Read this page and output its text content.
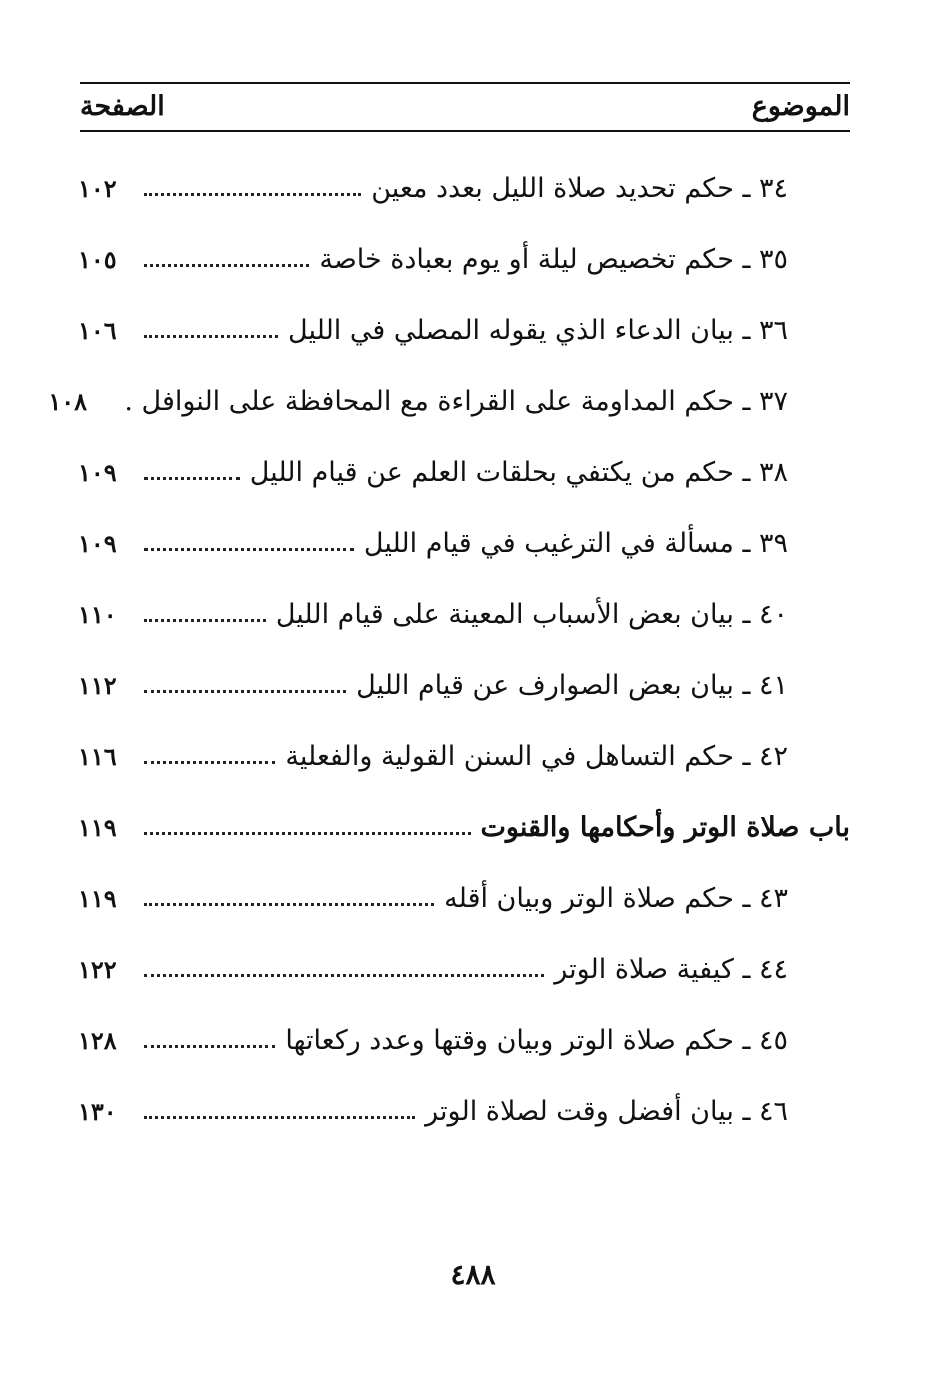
الموضوع
الصفحة
٣٤ ـ حكم تحديد صلاة الليل بعدد معين
١٠٢
٣٥ ـ حكم تخصيص ليلة أو يوم بعبادة خاصة
١٠٥
٣٦ ـ بيان الدعاء الذي يقوله المصلي في الليل
١٠٦
٣٧ ـ حكم المداومة على القراءة مع المحافظة على النوافل .
١٠٨
٣٨ ـ حكم من يكتفي بحلقات العلم عن قيام الليل
١٠٩
٣٩ ـ مسألة في الترغيب في قيام الليل
١٠٩
٤٠ ـ بيان بعض الأسباب المعينة على قيام الليل
١١٠
٤١ ـ بيان بعض الصوارف عن قيام الليل
١١٢
٤٢ ـ حكم التساهل في السنن القولية والفعلية
١١٦
باب صلاة الوتر وأحكامها والقنوت
١١٩
٤٣ ـ حكم صلاة الوتر وبيان أقله
١١٩
٤٤ ـ كيفية صلاة الوتر
١٢٢
٤٥ ـ حكم صلاة الوتر وبيان وقتها وعدد ركعاتها
١٢٨
٤٦ ـ بيان أفضل وقت لصلاة الوتر
١٣٠
٤٨٨
